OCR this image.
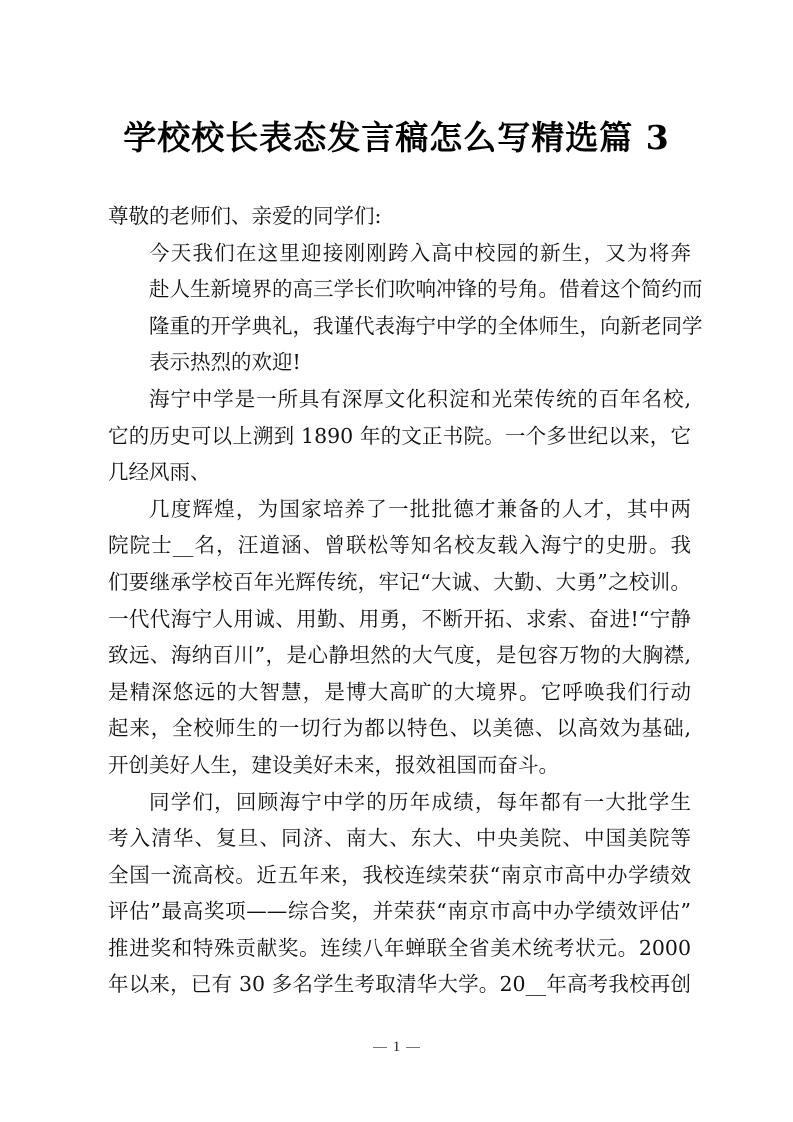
学校校长表态发言稿怎么写精选篇 3

尊敬的老师们、亲爱的同学们:

今天我们在这里迎接刚刚跨入高中校园的新生，又为将奔
赴人生新境界的高三学长们吹响冲锋的号角。借着这个简约而
隆重的开学典礼，我谨代表海宁中学的全体师生，向新老同学
表示热烈的欢迎!

海宁中学是一所具有深厚文化积淀和光荣传统的百年名校,
它的历史可以上溯到 1890 年的文正书院。一个多世纪以来，它
几经风雨、

几度辉煌，为国家培养了一批批德才兼备的人才，其中两
院院士__名，汪道涵、曾联松等知名校友载入海宁的史册。我
们要继承学校百年光辉传统，牢记“大诚、大勤、大勇”之校训。
一代代海宁人用诚、用勤、用勇，不断开拓、求索、奋进!“宁静
致远、海纳百川”，是心静坦然的大气度，是包容万物的大胸襟,
是精深悠远的大智慧，是博大高旷的大境界。它呼唤我们行动
起来，全校师生的一切行为都以特色、以美德、以高效为基础,
开创美好人生，建设美好未来，报效祖国而奋斗。

同学们，回顾海宁中学的历年成绩，每年都有一大批学生
考入清华、复旦、同济、南大、东大、中央美院、中国美院等
全国一流高校。近五年来，我校连续荣获“南京市高中办学绩效
评估”最高奖项——综合奖，并荣获“南京市高中办学绩效评估”
推进奖和特殊贡献奖。连续八年蝉联全省美术统考状元。2000
年以来，已有 30 多名学生考取清华大学。20__年高考我校再创

1
